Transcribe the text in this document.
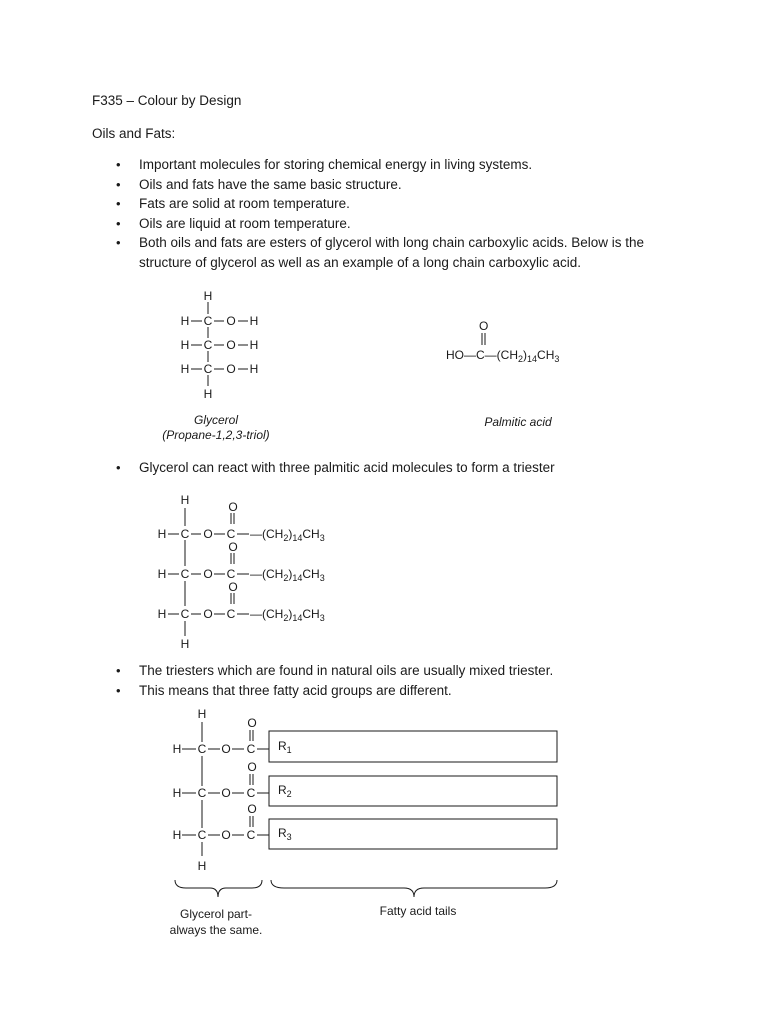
F335 – Colour by Design
Oils and Fats:
• Important molecules for storing chemical energy in living systems.
• Oils and fats have the same basic structure.
• Fats are solid at room temperature.
• Oils are liquid at room temperature.
• Both oils and fats are esters of glycerol with long chain carboxylic acids. Below is the structure of glycerol as well as an example of a long chain carboxylic acid.
• Glycerol can react with three palmitic acid molecules to form a triester
• The triesters which are found in natural oils are usually mixed triester.
• This means that three fatty acid groups are different.
H
H C O H
H C O H
H C O H
H
Glycerol
(Propane-1,2,3-triol)
Palmitic acid
O
$HO—C—(CH_2)_{14}CH_3$
H
H C O C
O
H C O C
O
H C O C
O
H
$—(CH_2)_{14}CH_3$
$—(CH_2)_{14}CH_3$
$—(CH_2)_{14}CH_3$
H
H C O C
O
H C O C
O
H C O C
O
H
$R_1$
$R_2$
$R_3$
Glycerol part-
always the same.
Fatty acid tails
